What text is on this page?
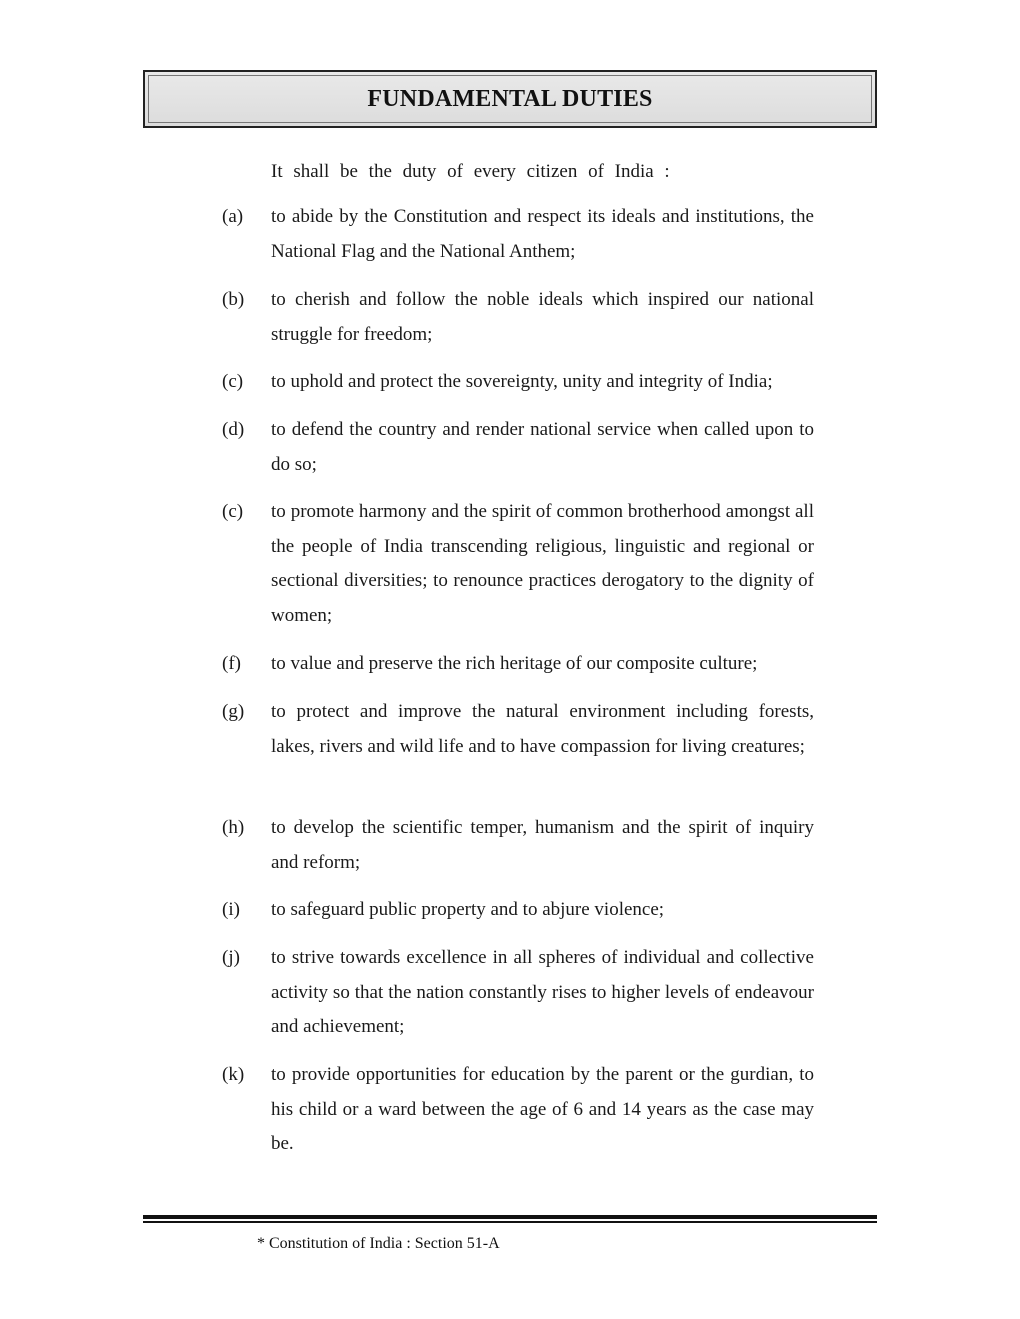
FUNDAMENTAL DUTIES
It shall be the duty of every citizen of India :
(a)	to abide by the Constitution and respect its ideals and institutions, the National Flag and the National Anthem;
(b)	to cherish and follow the noble ideals which inspired our national struggle for freedom;
(c)	to uphold and protect the sovereignty, unity and integrity of India;
(d)	to defend the country and render national service when called upon to do so;
(c)	to promote harmony and the spirit of common brotherhood amongst all the people of India transcending religious, linguistic and regional or sectional diversities; to renounce practices derogatory to the dignity of women;
(f)	to value and preserve the rich heritage of our composite culture;
(g)	to protect and improve the natural environment including forests, lakes, rivers and wild life and to have compassion for living creatures;
(h)	to develop the scientific temper, humanism and the spirit of inquiry and reform;
(i)	to safeguard public property and to abjure violence;
(j)	to strive towards excellence in all spheres of individual and collective activity so that the nation constantly rises to higher levels of endeavour and achievement;
(k)	to provide opportunities for education by the parent or the gurdian, to his child or a ward between the age of 6 and 14 years as the case may be.
* Constitution of India : Section 51-A
